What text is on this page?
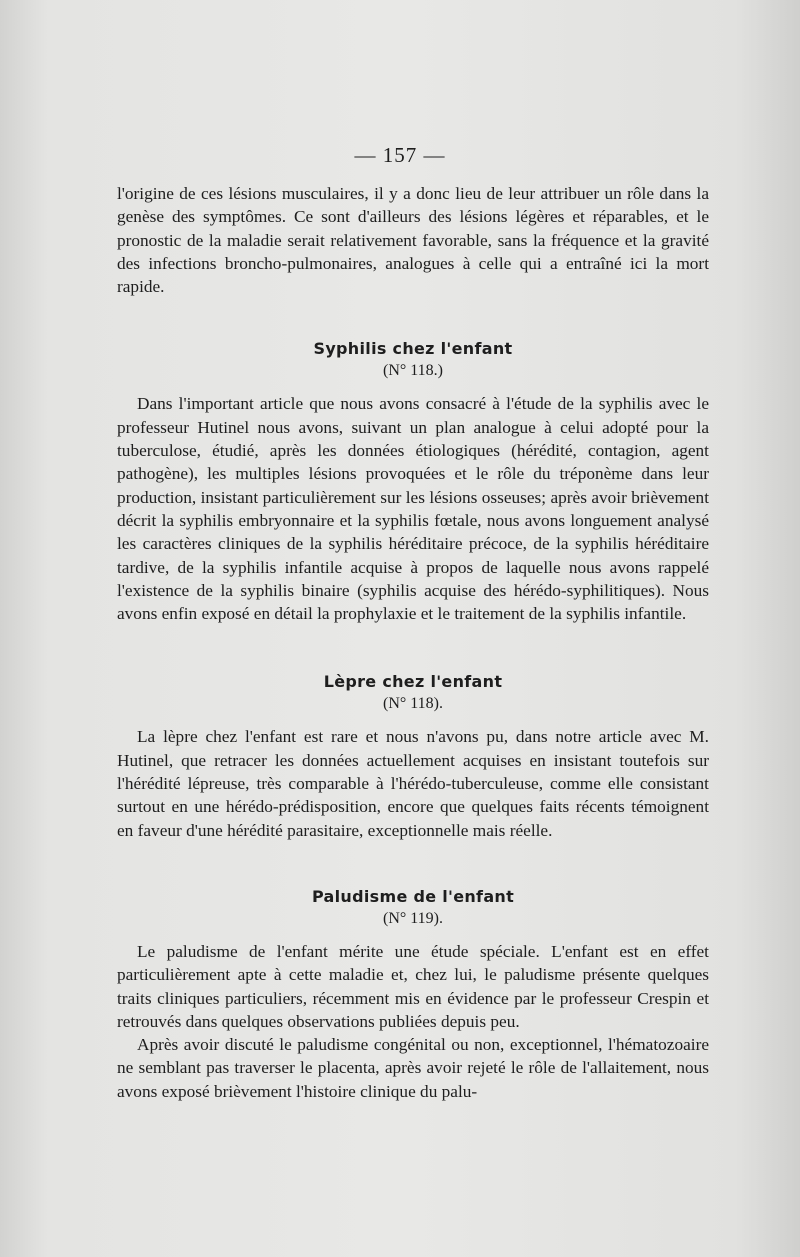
— 157 —

l'origine de ces lésions musculaires, il y a donc lieu de leur attribuer un rôle dans la genèse des symptômes. Ce sont d'ailleurs des lésions légères et réparables, et le pronostic de la maladie serait relativement favorable, sans la fréquence et la gravité des infections broncho-pulmonaires, analogues à celle qui a entraîné ici la mort rapide.

Syphilis chez l'enfant

(N° 118.)

Dans l'important article que nous avons consacré à l'étude de la syphilis avec le professeur Hutinel nous avons, suivant un plan analogue à celui adopté pour la tuberculose, étudié, après les données étiologiques (hérédité, contagion, agent pathogène), les multiples lésions provoquées et le rôle du tréponème dans leur production, insistant particulièrement sur les lésions osseuses; après avoir brièvement décrit la syphilis embryonnaire et la syphilis fœtale, nous avons longuement analysé les caractères cliniques de la syphilis héréditaire précoce, de la syphilis héréditaire tardive, de la syphilis infantile acquise à propos de laquelle nous avons rappelé l'existence de la syphilis binaire (syphilis acquise des hérédo-syphilitiques). Nous avons enfin exposé en détail la prophylaxie et le traitement de la syphilis infantile.

Lèpre chez l'enfant

(N° 118).

La lèpre chez l'enfant est rare et nous n'avons pu, dans notre article avec M. Hutinel, que retracer les données actuellement acquises en insistant toutefois sur l'hérédité lépreuse, très comparable à l'hérédo-tuberculeuse, comme elle consistant surtout en une hérédo-prédisposition, encore que quelques faits récents témoignent en faveur d'une hérédité parasitaire, exceptionnelle mais réelle.

Paludisme de l'enfant

(N° 119).

Le paludisme de l'enfant mérite une étude spéciale. L'enfant est en effet particulièrement apte à cette maladie et, chez lui, le paludisme présente quelques traits cliniques particuliers, récemment mis en évidence par le professeur Crespin et retrouvés dans quelques observations publiées depuis peu.

Après avoir discuté le paludisme congénital ou non, exceptionnel, l'hématozoaire ne semblant pas traverser le placenta, après avoir rejeté le rôle de l'allaitement, nous avons exposé brièvement l'histoire clinique du palu-
